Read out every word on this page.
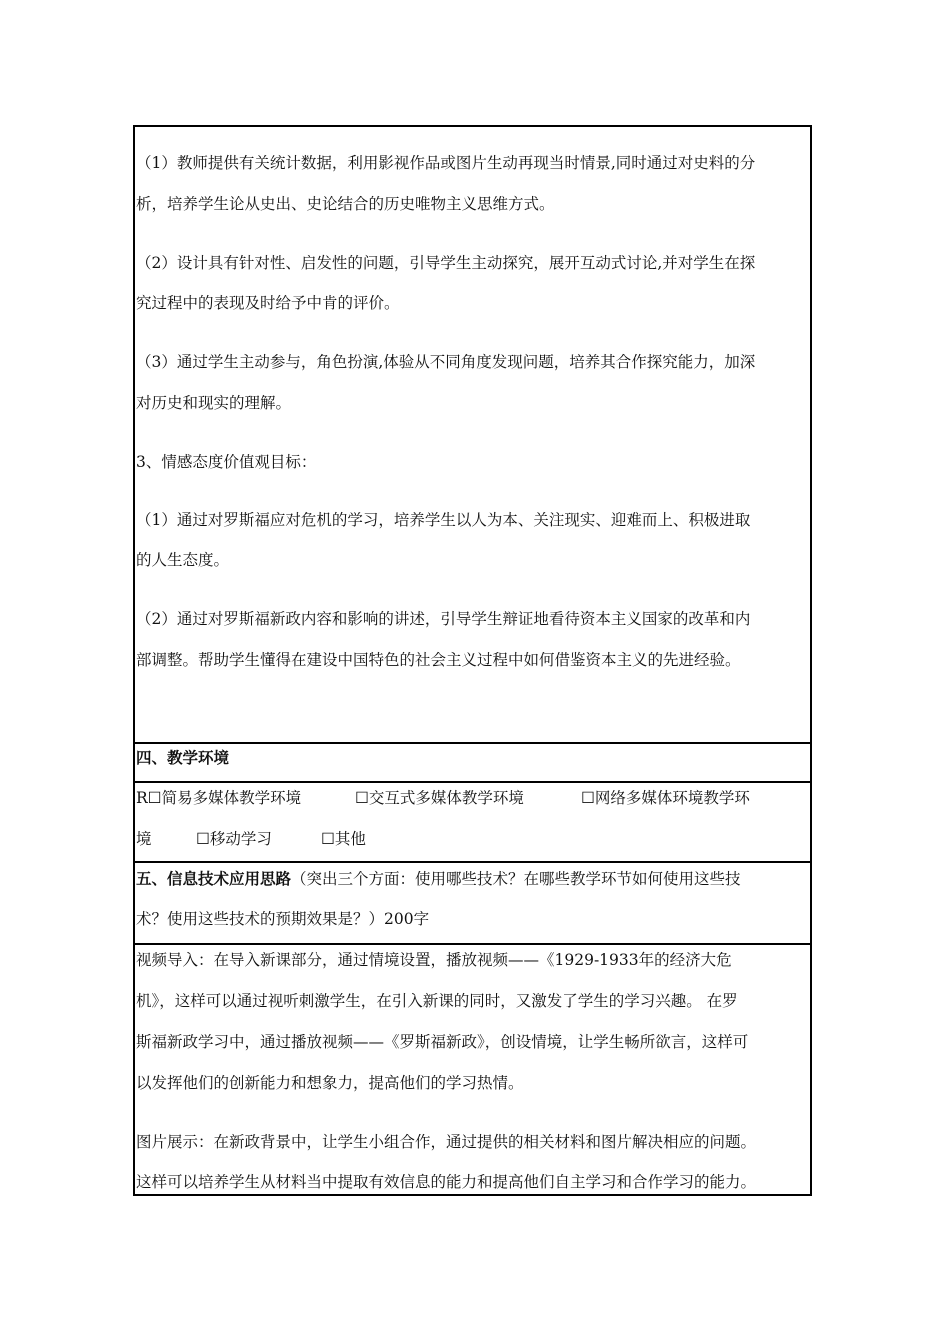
（1）教师提供有关统计数据，利用影视作品或图片生动再现当时情景,同时通过对史料的分
析，培养学生论从史出、史论结合的历史唯物主义思维方式。
（2）设计具有针对性、启发性的问题，引导学生主动探究，展开互动式讨论,并对学生在探
究过程中的表现及时给予中肯的评价。
（3）通过学生主动参与，角色扮演,体验从不同角度发现问题，培养其合作探究能力，加深
对历史和现实的理解。
3、情感态度价值观目标：
（1）通过对罗斯福应对危机的学习，培养学生以人为本、关注现实、迎难而上、积极进取
的人生态度。
（2）通过对罗斯福新政内容和影响的讲述，引导学生辩证地看待资本主义国家的改革和内
部调整。帮助学生懂得在建设中国特色的社会主义过程中如何借鉴资本主义的先进经验。
四、教学环境
R☐简易多媒体教学环境	☐交互式多媒体教学环境	☐网络多媒体环境教学环
境	☐移动学习	☐其他
五、信息技术应用思路（突出三个方面：使用哪些技术？在哪些教学环节如何使用这些技
术？使用这些技术的预期效果是？）200字
视频导入：在导入新课部分，通过情境设置，播放视频——《1929-1933年的经济大危
机》，这样可以通过视听刺激学生，在引入新课的同时，又激发了学生的学习兴趣。 在罗
斯福新政学习中，通过播放视频——《罗斯福新政》，创设情境，让学生畅所欲言，这样可
以发挥他们的创新能力和想象力，提高他们的学习热情。
图片展示：在新政背景中，让学生小组合作，通过提供的相关材料和图片解决相应的问题。
这样可以培养学生从材料当中提取有效信息的能力和提高他们自主学习和合作学习的能力。
